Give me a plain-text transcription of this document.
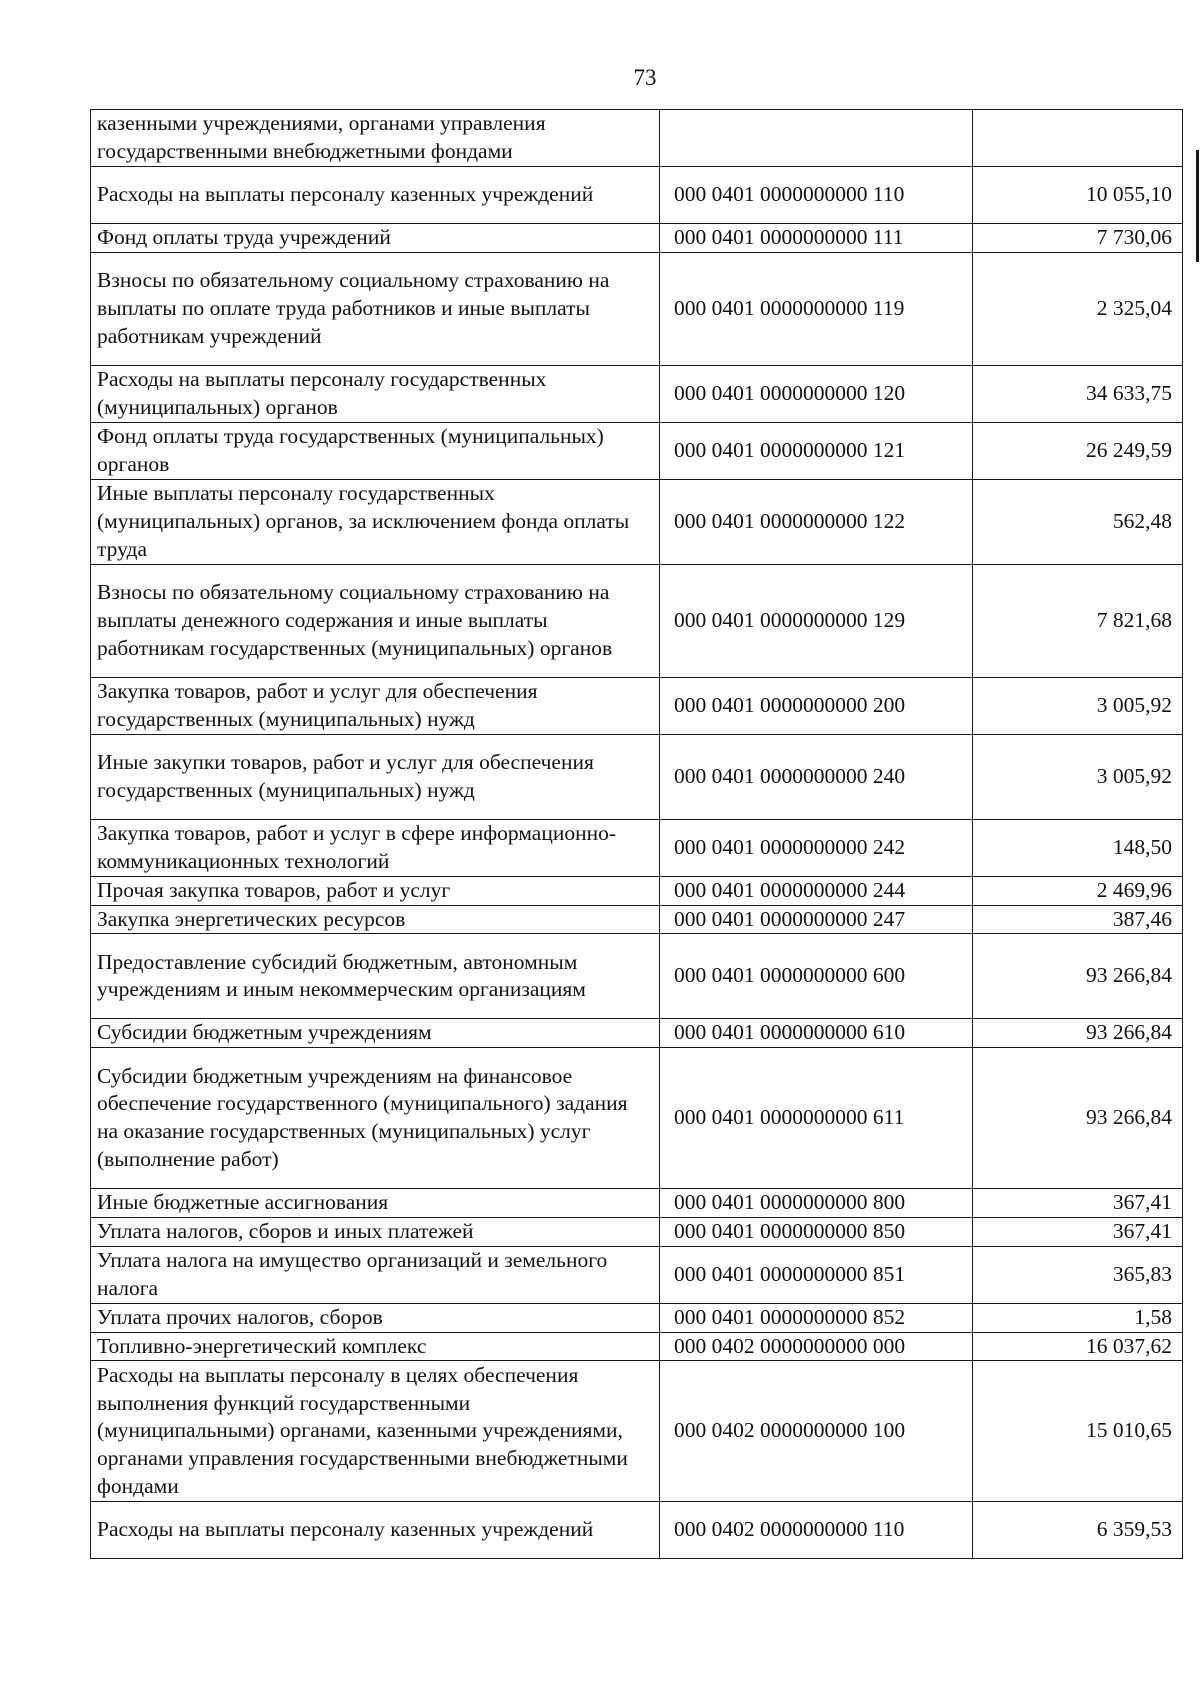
73
казенными учреждениями, органами управления государственными внебюджетными фондами		
Расходы на выплаты персоналу казенных учреждений	000 0401 0000000000 110	10 055,10
Фонд оплаты труда учреждений	000 0401 0000000000 111	7 730,06
Взносы по обязательному социальному страхованию на выплаты по оплате труда работников и иные выплаты работникам учреждений	000 0401 0000000000 119	2 325,04
Расходы на выплаты персоналу государственных (муниципальных) органов	000 0401 0000000000 120	34 633,75
Фонд оплаты труда государственных (муниципальных) органов	000 0401 0000000000 121	26 249,59
Иные выплаты персоналу государственных (муниципальных) органов, за исключением фонда оплаты труда	000 0401 0000000000 122	562,48
Взносы по обязательному социальному страхованию на выплаты денежного содержания и иные выплаты работникам государственных (муниципальных) органов	000 0401 0000000000 129	7 821,68
Закупка товаров, работ и услуг для обеспечения государственных (муниципальных) нужд	000 0401 0000000000 200	3 005,92
Иные закупки товаров, работ и услуг для обеспечения государственных (муниципальных) нужд	000 0401 0000000000 240	3 005,92
Закупка товаров, работ и услуг в сфере информационно-коммуникационных технологий	000 0401 0000000000 242	148,50
Прочая закупка товаров, работ и услуг	000 0401 0000000000 244	2 469,96
Закупка энергетических ресурсов	000 0401 0000000000 247	387,46
Предоставление субсидий бюджетным, автономным учреждениям и иным некоммерческим организациям	000 0401 0000000000 600	93 266,84
Субсидии бюджетным учреждениям	000 0401 0000000000 610	93 266,84
Субсидии бюджетным учреждениям на финансовое обеспечение государственного (муниципального) задания на оказание государственных (муниципальных) услуг (выполнение работ)	000 0401 0000000000 611	93 266,84
Иные бюджетные ассигнования	000 0401 0000000000 800	367,41
Уплата налогов, сборов и иных платежей	000 0401 0000000000 850	367,41
Уплата налога на имущество организаций и земельного налога	000 0401 0000000000 851	365,83
Уплата прочих налогов, сборов	000 0401 0000000000 852	1,58
Топливно-энергетический комплекс	000 0402 0000000000 000	16 037,62
Расходы на выплаты персоналу в целях обеспечения выполнения функций государственными (муниципальными) органами, казенными учреждениями, органами управления государственными внебюджетными фондами	000 0402 0000000000 100	15 010,65
Расходы на выплаты персоналу казенных учреждений	000 0402 0000000000 110	6 359,53
